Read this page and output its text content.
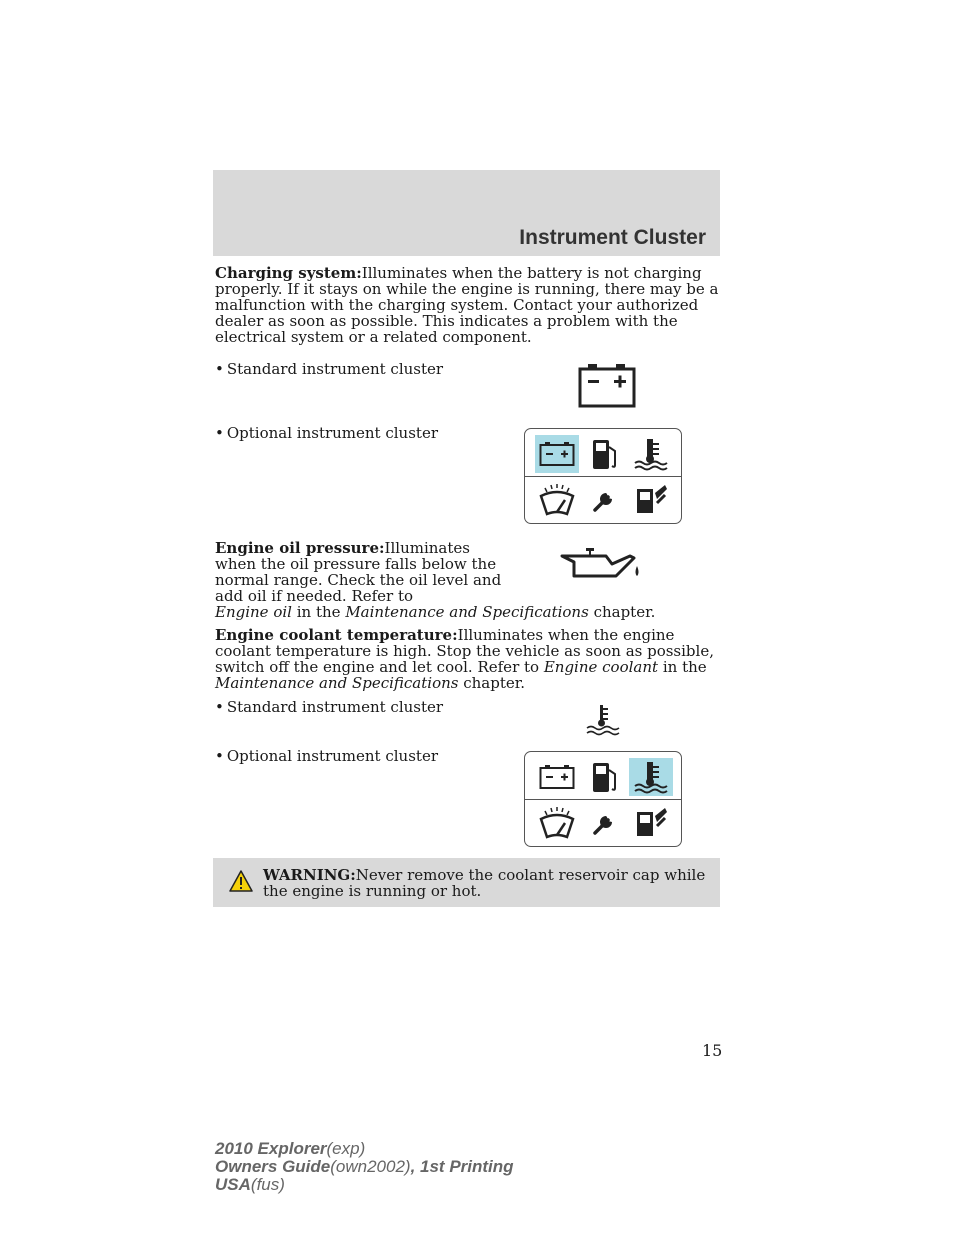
Instrument Cluster
Charging system:Illuminates when the battery is not charging properly. If it stays on while the engine is running, there may be a malfunction with the charging system. Contact your authorized dealer as soon as possible. This indicates a problem with the electrical system or a related component.
• Standard instrument cluster
• Optional instrument cluster
Engine oil pressure:Illuminates when the oil pressure falls below the normal range. Check the oil level and add oil if needed. Refer to
Engine oil in the Maintenance and Specifications chapter.
Engine coolant temperature:Illuminates when the engine coolant temperature is high. Stop the vehicle as soon as possible, switch off the engine and let cool. Refer to Engine coolant in the Maintenance and Specifications chapter.
• Standard instrument cluster
• Optional instrument cluster
WARNING:Never remove the coolant reservoir cap while the engine is running or hot.
15
2010 Explorer(exp)
Owners Guide(own2002), 1st Printing
USA(fus)
